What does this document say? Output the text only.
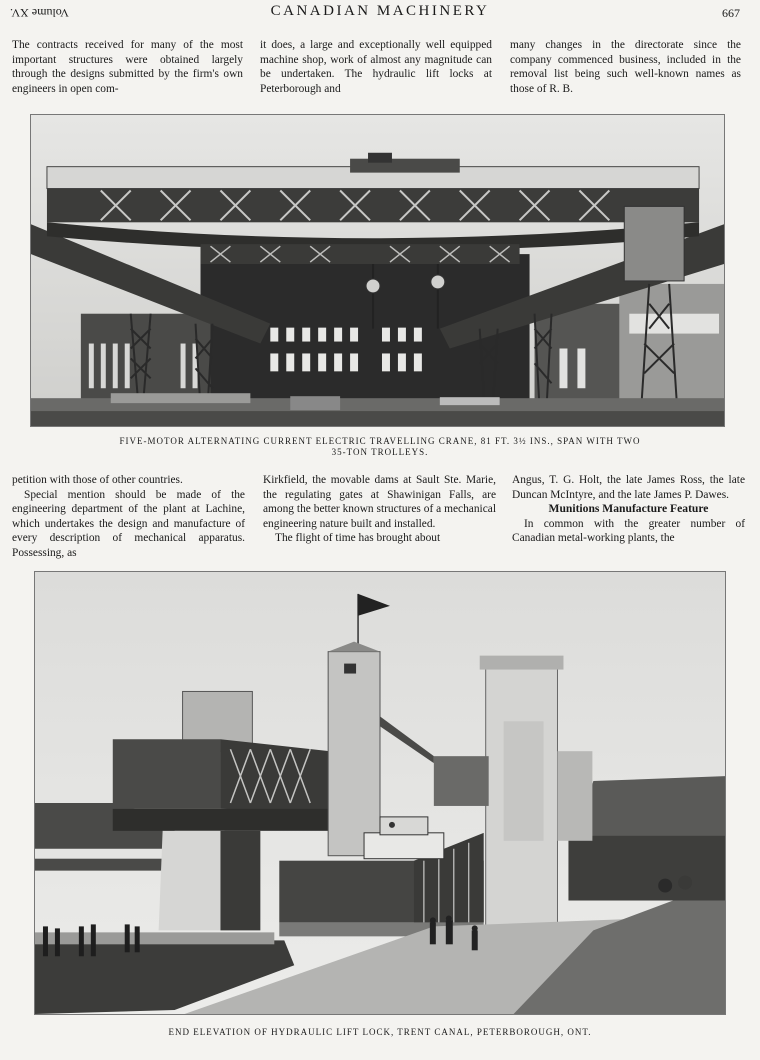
Volume XV.	CANADIAN MACHINERY	667

The contracts received for many of the most important structures were obtained largely through the designs submitted by the firm's own engineers in open com-

it does, a large and exceptionally well equipped machine shop, work of almost any magnitude can be undertaken. The hydraulic lift locks at Peterborough and

many changes in the directorate since the company commenced business, included in the removal list being such well-known names as those of R. B.

FIVE-MOTOR ALTERNATING CURRENT ELECTRIC TRAVELLING CRANE, 81 FT. 3½ INS., SPAN WITH TWO
35-TON TROLLEYS.

petition with those of other countries.

Special mention should be made of the engineering department of the plant at Lachine, which undertakes the design and manufacture of every description of mechanical apparatus. Possessing, as

Kirkfield, the movable dams at Sault Ste. Marie, the regulating gates at Shawinigan Falls, are among the better known structures of a mechanical engineering nature built and installed.

The flight of time has brought about

Angus, T. G. Holt, the late James Ross, the late Duncan McIntyre, and the late James P. Dawes.

Munitions Manufacture Feature

In common with the greater number of Canadian metal-working plants, the

END ELEVATION OF HYDRAULIC LIFT LOCK, TRENT CANAL, PETERBOROUGH, ONT.
